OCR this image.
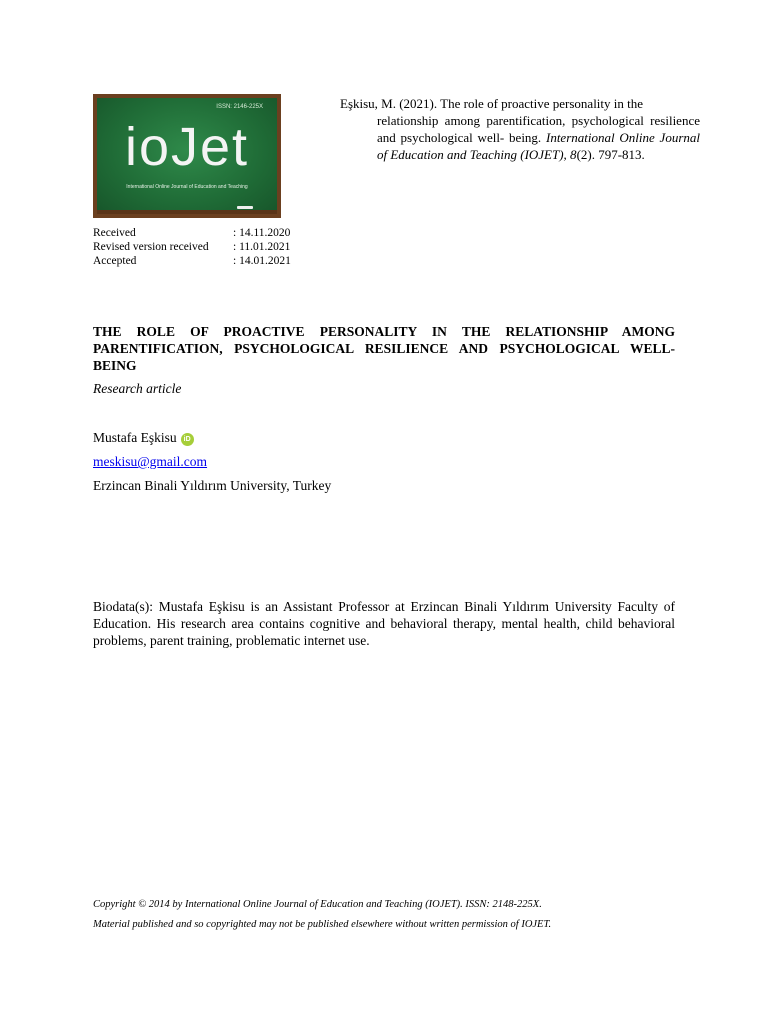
ISSN: 2146-225X
ioJet
International Online Journal of Education and Teaching
Eşkisu, M. (2021). The role of proactive personality in the
relationship among parentification, psychological resilience and psychological well- being. International Online Journal of Education and Teaching (IOJET), 8(2). 797-813.
Received	: 14.11.2020
Revised version received : 11.01.2021
Accepted	: 14.01.2021
THE ROLE OF PROACTIVE PERSONALITY IN THE RELATIONSHIP AMONG PARENTIFICATION, PSYCHOLOGICAL RESILIENCE AND PSYCHOLOGICAL WELL-BEING
Research article
Mustafa Eşkisu iD
meskisu@gmail.com
Erzincan Binali Yıldırım University, Turkey
Biodata(s): Mustafa Eşkisu is an Assistant Professor at Erzincan Binali Yıldırım University Faculty of Education. His research area contains cognitive and behavioral therapy, mental health, child behavioral problems, parent training, problematic internet use.
Copyright © 2014 by International Online Journal of Education and Teaching (IOJET). ISSN: 2148-225X.
Material published and so copyrighted may not be published elsewhere without written permission of IOJET.
